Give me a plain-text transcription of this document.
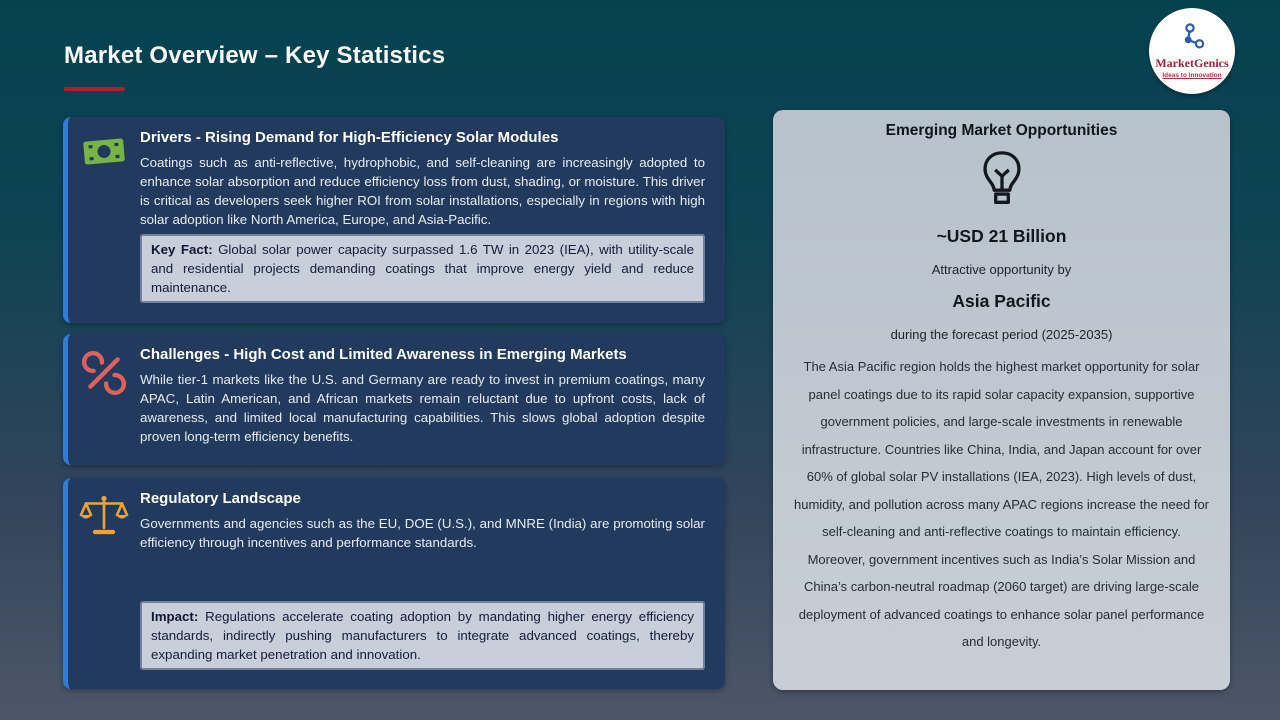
Market Overview – Key Statistics	MarketGenics
Ideas to Innovation
Drivers - Rising Demand for High-Efficiency Solar Modules
Coatings such as anti-reflective, hydrophobic, and self-cleaning are increasingly adopted to enhance solar absorption and reduce efficiency loss from dust, shading, or moisture. This driver is critical as developers seek higher ROI from solar installations, especially in regions with high solar adoption like North America, Europe, and Asia-Pacific.
Key Fact: Global solar power capacity surpassed 1.6 TW in 2023 (IEA), with utility-scale and residential projects demanding coatings that improve energy yield and reduce maintenance.
Challenges - High Cost and Limited Awareness in Emerging Markets
While tier-1 markets like the U.S. and Germany are ready to invest in premium coatings, many APAC, Latin American, and African markets remain reluctant due to upfront costs, lack of awareness, and limited local manufacturing capabilities. This slows global adoption despite proven long-term efficiency benefits.
Regulatory Landscape
Governments and agencies such as the EU, DOE (U.S.), and MNRE (India) are promoting solar efficiency through incentives and performance standards.
Impact: Regulations accelerate coating adoption by mandating higher energy efficiency standards, indirectly pushing manufacturers to integrate advanced coatings, thereby expanding market penetration and innovation.
Emerging Market Opportunities
~USD 21 Billion
Attractive opportunity by
Asia Pacific
during the forecast period (2025-2035)
The Asia Pacific region holds the highest market opportunity for solar panel coatings due to its rapid solar capacity expansion, supportive government policies, and large-scale investments in renewable infrastructure. Countries like China, India, and Japan account for over 60% of global solar PV installations (IEA, 2023). High levels of dust, humidity, and pollution across many APAC regions increase the need for self-cleaning and anti-reflective coatings to maintain efficiency. Moreover, government incentives such as India’s Solar Mission and China’s carbon-neutral roadmap (2060 target) are driving large-scale deployment of advanced coatings to enhance solar panel performance and longevity.
